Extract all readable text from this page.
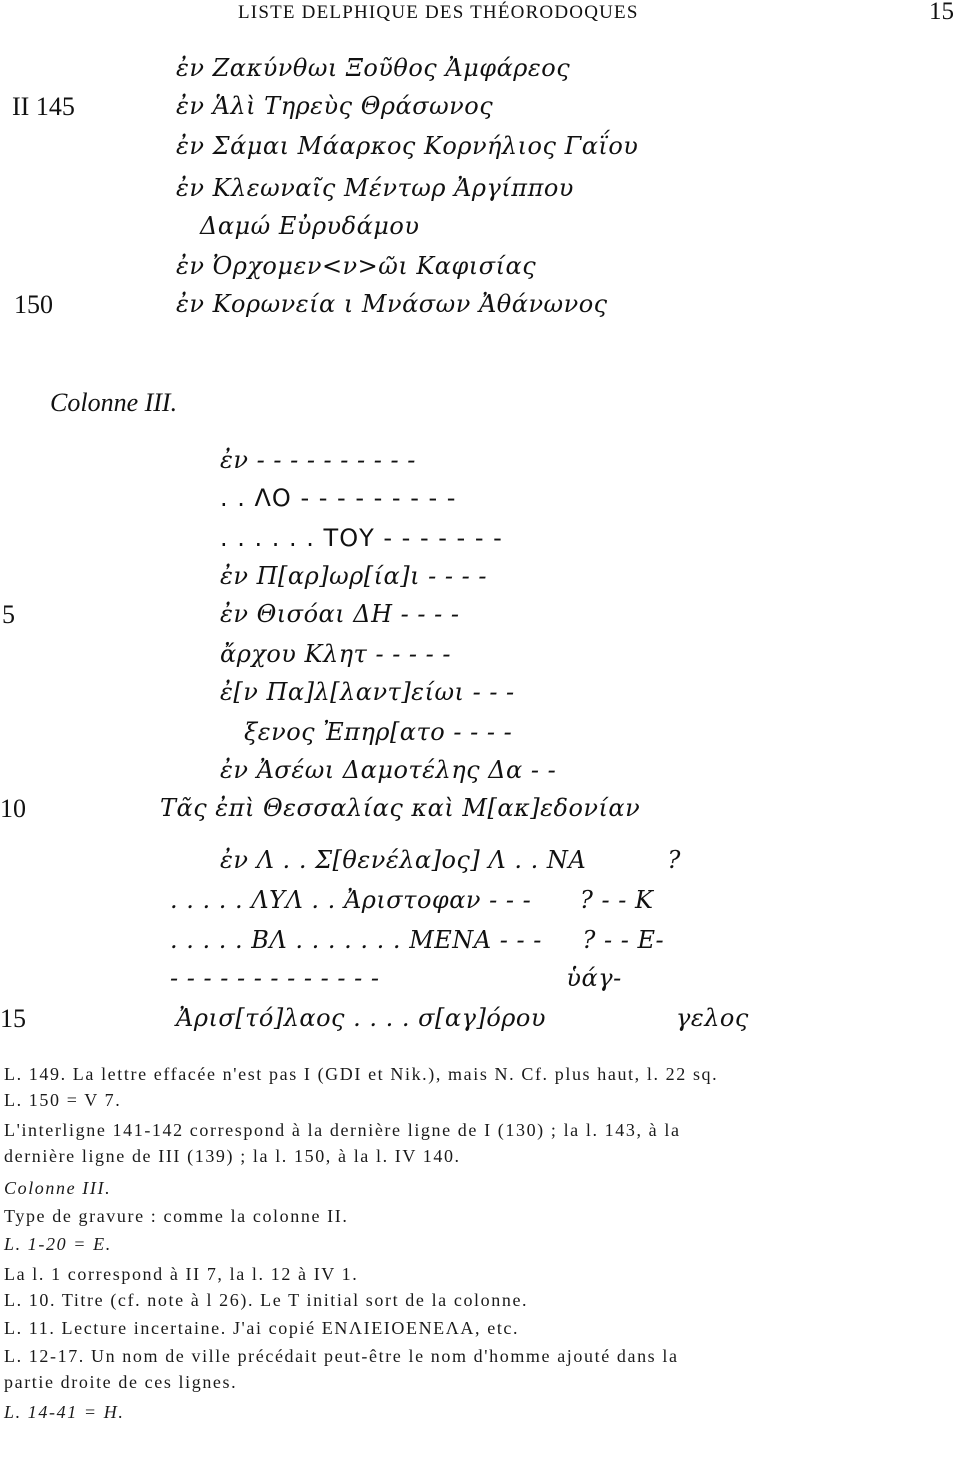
LISTE DELPHIQUE DES THÉORODOQUES	15
ἐν Ζακύνθωι Ξοῦθος Ἀμφάρεος
II 145	ἐν Ἁλὶ Τηρεὺς Θράσωνος
ἐν Σάμαι Μάαρκος Κορνήλιος Γαΐου
ἐν Κλεωναῖς Μέντωρ Ἀργίππου
Δαμώ Εὐρυδάμου
ἐν Ὀρχομεν<ν>ῶι Καφισίας
150	ἐν Κορωνεία ι Μνάσων Ἀθάνωνος
Colonne III.
ἐν - - - - - - - - - -
. . ΛΟ - - - - - - - - -
. . . . . . ΤΟΥ - - - - - - -
ἐν Π[αρ]ωρ[ία]ι - - - -
5	ἐν Θισόαι ΔΗ - - - -
ἄρχου Κλητ - - - - -
ἐ[ν Πα]λ[λαντ]είωι - - -
ξενος Ἐπηρ[ατο - - - -
ἐν Ἀσέωι Δαμοτέλης Δα - -
10	Τᾶς ἐπὶ Θεσσαλίας καὶ Μ[ακ]εδονίαν
ἐν Λ . . Σ[θενέλα]ος] Λ . . ΝΑ          ?
. . . . . ΛΥΛ . . Ἀριστοφαν - - -      ? - - Κ
. . . . . ΒΛ . . . . . . . ΜΕΝΑ - - -     ? - - Ε-
- - - - - - - - - - - - -                       ὑάγ-
15	Ἀρισ[τό]λαος . . . . σ[αγ]όρου                γελος
L. 149. La lettre effacée n'est pas I (GDI et Nik.), mais N. Cf. plus haut, l. 22 sq.
L. 150 = V 7.
L'interligne 141-142 correspond à la dernière ligne de I (130) ; la l. 143, à la
dernière ligne de III (139) ; la l. 150, à la l. IV 140.
Colonne III.
Type de gravure : comme la colonne II.
L. 1-20 = E.
La l. 1 correspond à II 7, la l. 12 à IV 1.
L. 10. Titre (cf. note à l 26). Le T initial sort de la colonne.
L. 11. Lecture incertaine. J'ai copié ΕΝΛΙΕΙΟΕΝΕΛΑ, etc.
L. 12-17. Un nom de ville précédait peut-être le nom d'homme ajouté dans la
partie droite de ces lignes.
L. 14-41 = H.
